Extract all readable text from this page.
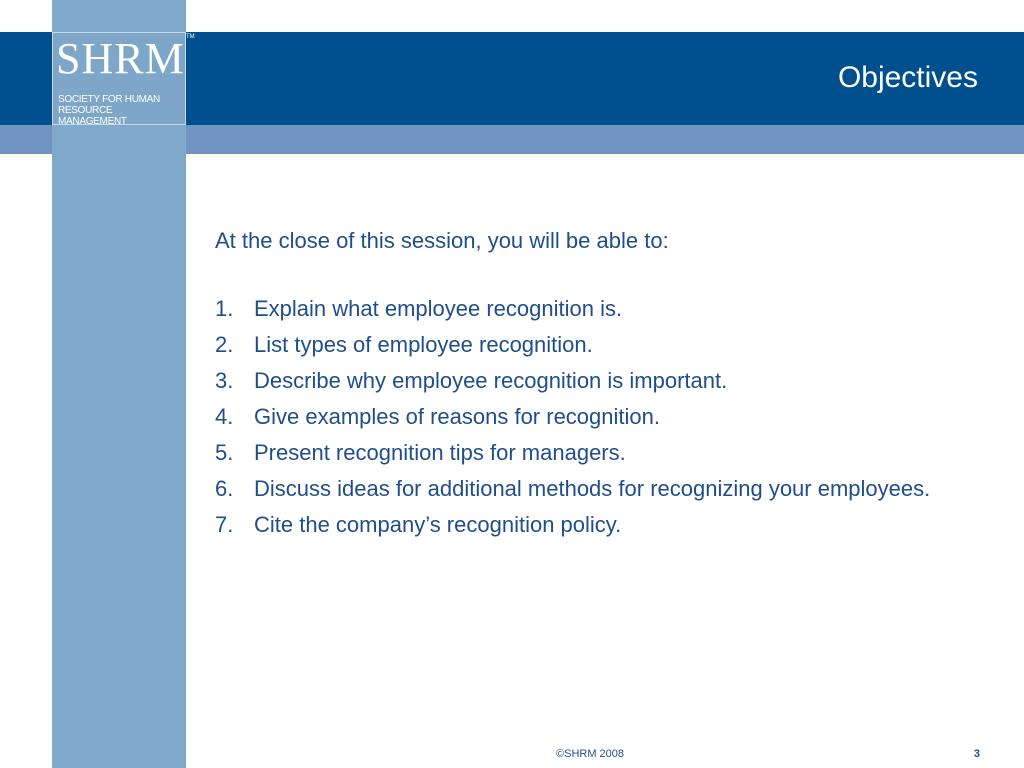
SHRM
SOCIETY FOR HUMAN
RESOURCE MANAGEMENT
TM
Objectives

At the close of this session, you will be able to:

1. Explain what employee recognition is.
2. List types of employee recognition.
3. Describe why employee recognition is important.
4. Give examples of reasons for recognition.
5. Present recognition tips for managers.
6. Discuss ideas for additional methods for recognizing your employees.
7. Cite the company’s recognition policy.
©SHRM 2008	3
